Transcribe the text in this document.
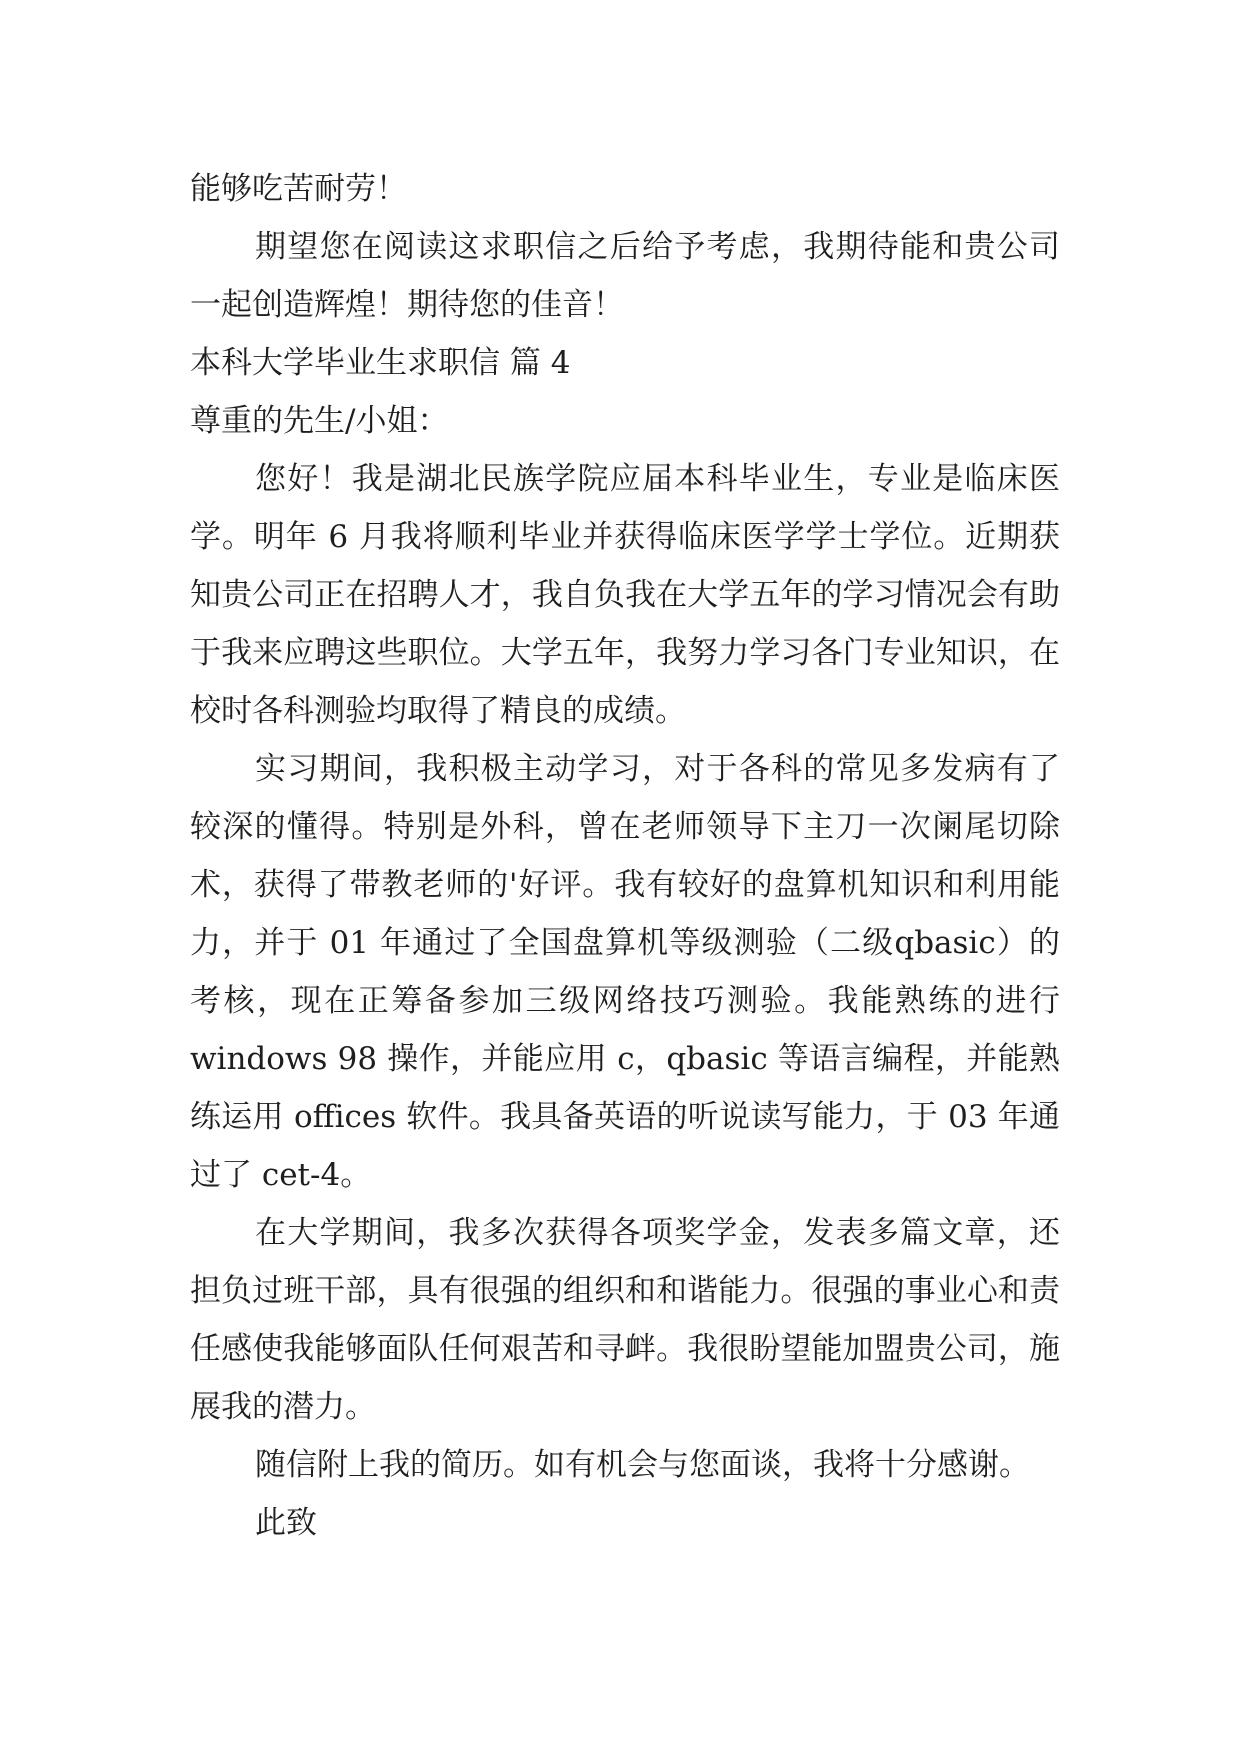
能够吃苦耐劳！

期望您在阅读这求职信之后给予考虑，我期待能和贵公司一起创造辉煌！期待您的佳音！

本科大学毕业生求职信 篇 4

尊重的先生/小姐：

您好！我是湖北民族学院应届本科毕业生，专业是临床医学。明年 6 月我将顺利毕业并获得临床医学学士学位。近期获知贵公司正在招聘人才，我自负我在大学五年的学习情况会有助于我来应聘这些职位。大学五年，我努力学习各门专业知识，在校时各科测验均取得了精良的成绩。

实习期间，我积极主动学习，对于各科的常见多发病有了较深的懂得。特别是外科，曾在老师领导下主刀一次阑尾切除术，获得了带教老师的'好评。我有较好的盘算机知识和利用能力，并于 01 年通过了全国盘算机等级测验（二级qbasic）的考核，现在正筹备参加三级网络技巧测验。我能熟练的进行 windows 98 操作，并能应用 c，qbasic 等语言编程，并能熟练运用 offices 软件。我具备英语的听说读写能力，于 03 年通过了 cet-4。

在大学期间，我多次获得各项奖学金，发表多篇文章，还担负过班干部，具有很强的组织和和谐能力。很强的事业心和责任感使我能够面队任何艰苦和寻衅。我很盼望能加盟贵公司，施展我的潜力。

随信附上我的简历。如有机会与您面谈，我将十分感谢。

此致
